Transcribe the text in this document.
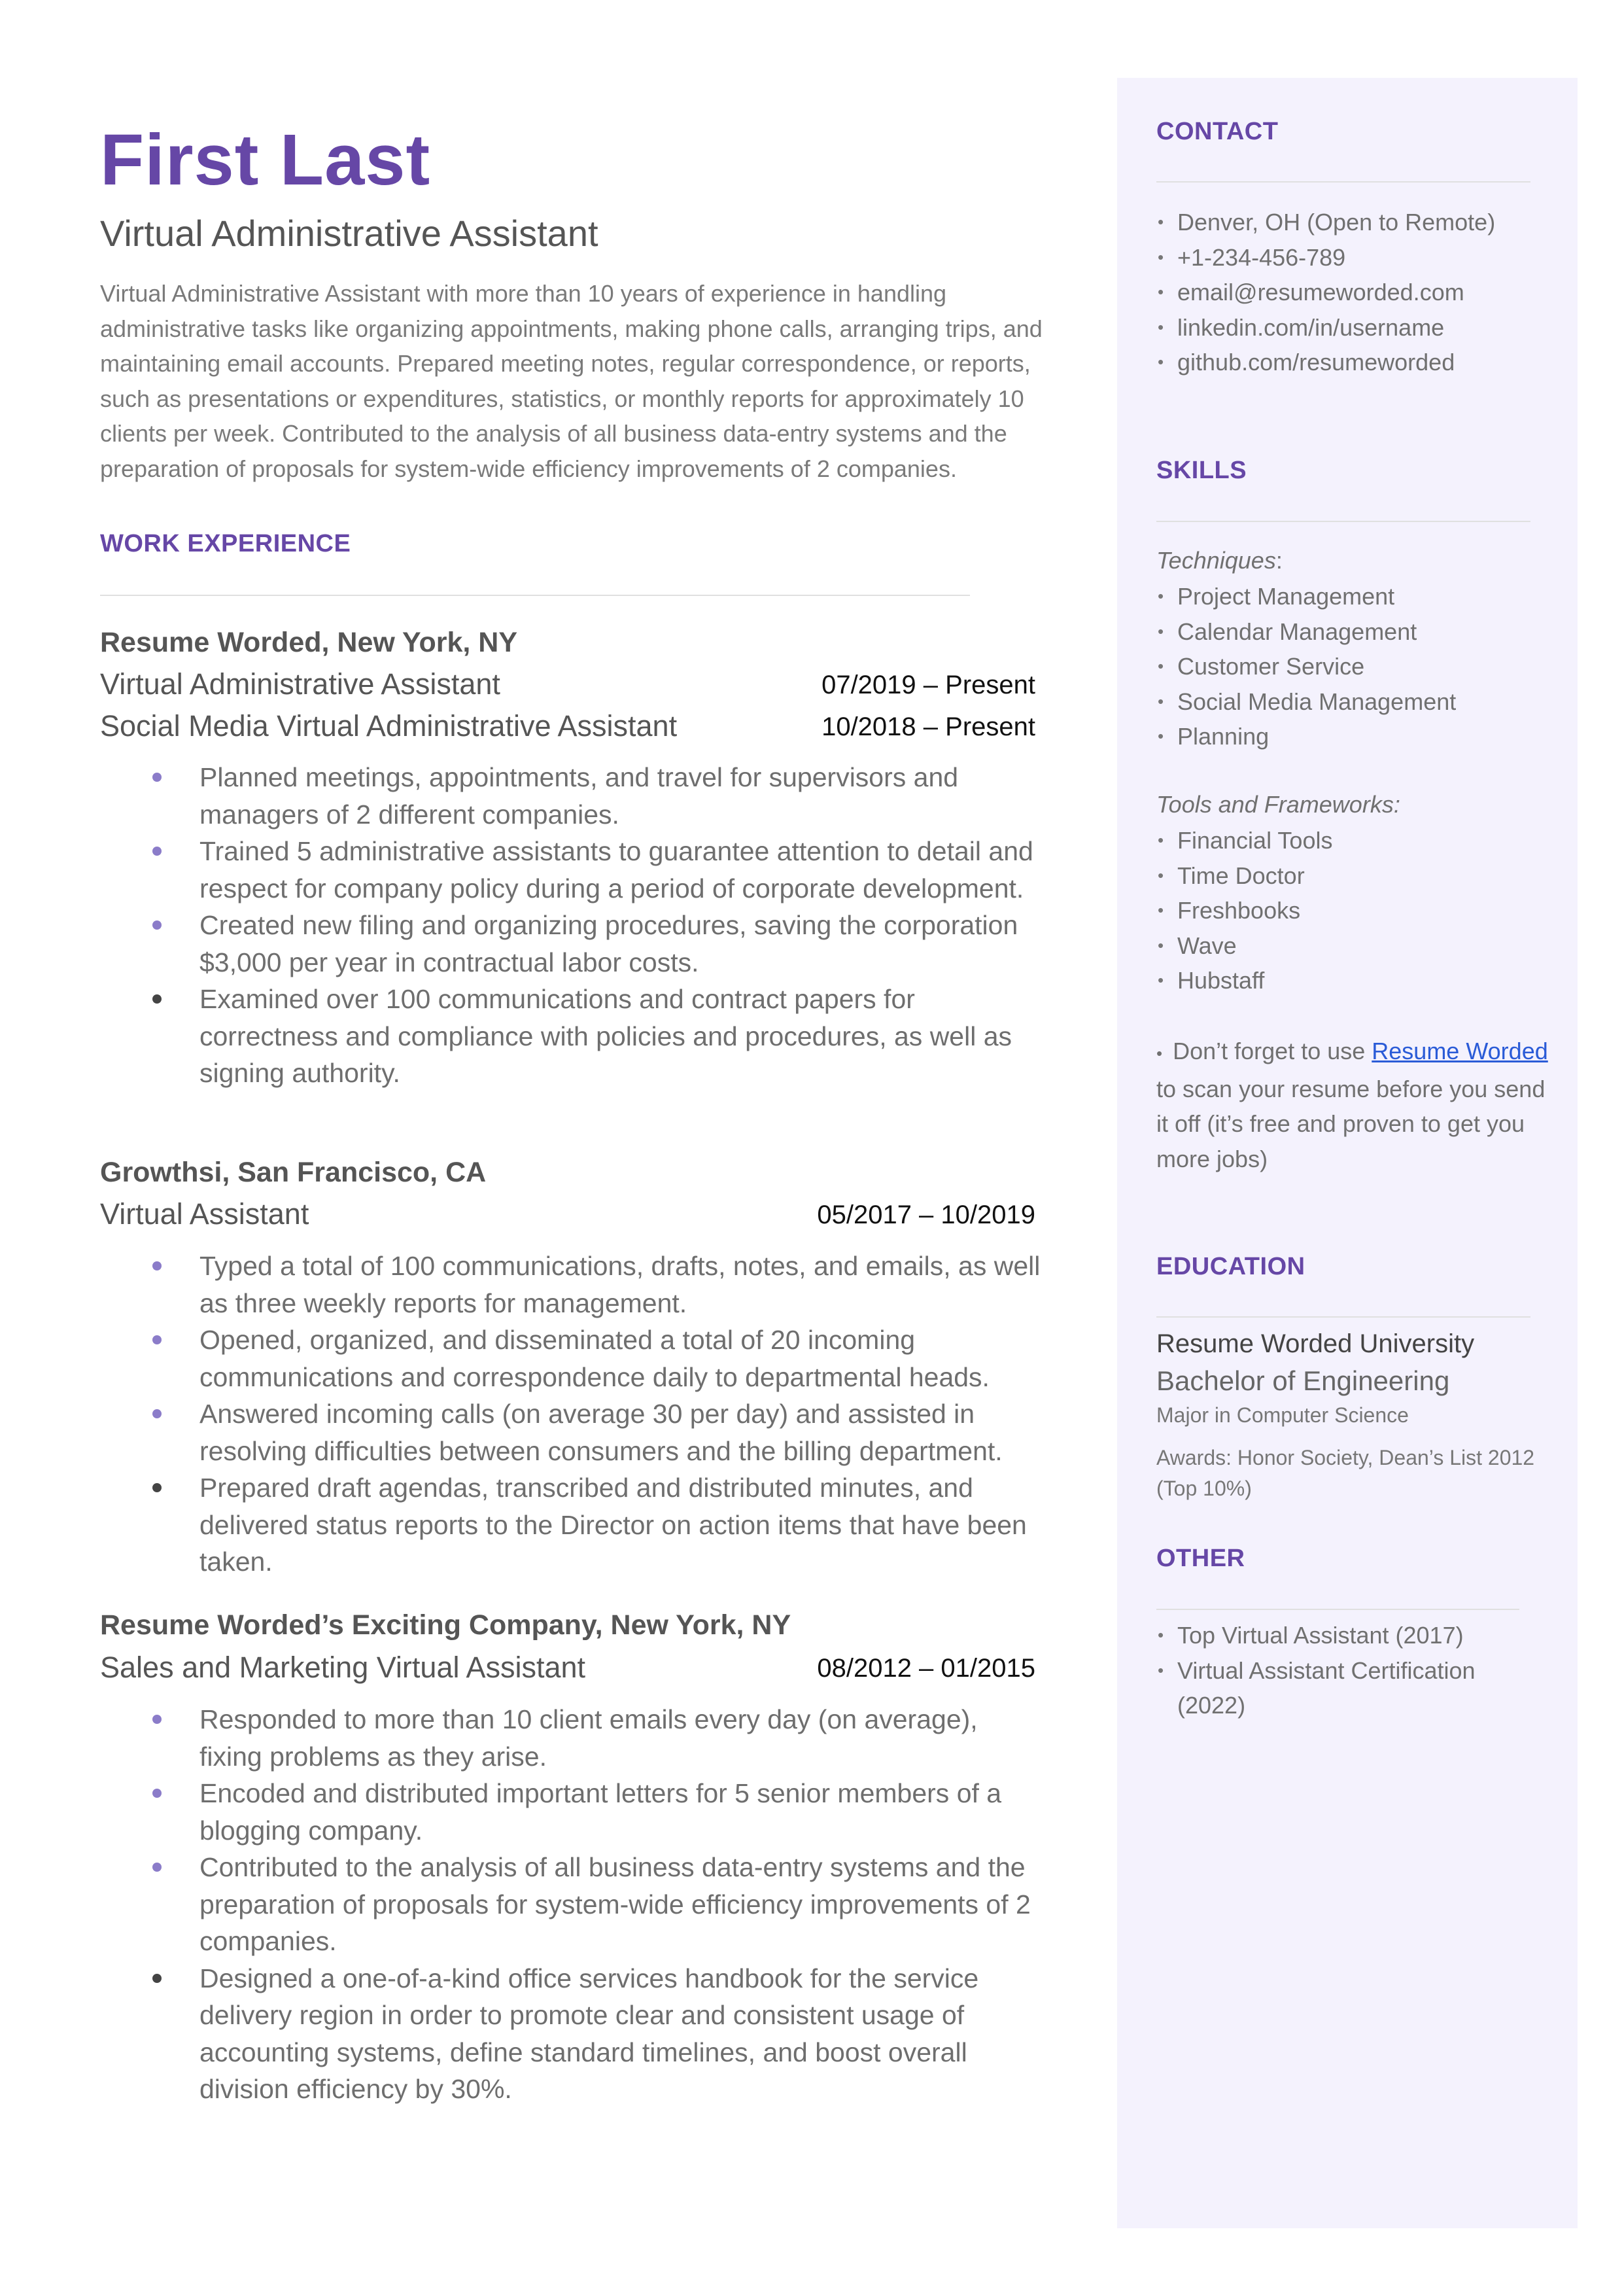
First Last
Virtual Administrative Assistant
Virtual Administrative Assistant with more than 10 years of experience in handling administrative tasks like organizing appointments, making phone calls, arranging trips, and maintaining email accounts. Prepared meeting notes, regular correspondence, or reports, such as presentations or expenditures, statistics, or monthly reports for approximately 10 clients per week. Contributed to the analysis of all business data-entry systems and the preparation of proposals for system-wide efficiency improvements of 2 companies.
WORK EXPERIENCE
Resume Worded, New York, NY
Virtual Administrative Assistant	07/2019 – Present
Social Media Virtual Administrative Assistant	10/2018 – Present
Planned meetings, appointments, and travel for supervisors and managers of 2 different companies.
Trained 5 administrative assistants to guarantee attention to detail and respect for company policy during a period of corporate development.
Created new filing and organizing procedures, saving the corporation $3,000 per year in contractual labor costs.
Examined over 100 communications and contract papers for correctness and compliance with policies and procedures, as well as signing authority.
Growthsi, San Francisco, CA
Virtual Assistant	05/2017 – 10/2019
Typed a total of 100 communications, drafts, notes, and emails, as well as three weekly reports for management.
Opened, organized, and disseminated a total of 20 incoming communications and correspondence daily to departmental heads.
Answered incoming calls (on average 30 per day) and assisted in resolving difficulties between consumers and the billing department.
Prepared draft agendas, transcribed and distributed minutes, and delivered status reports to the Director on action items that have been taken.
Resume Worded’s Exciting Company, New York, NY
Sales and Marketing Virtual Assistant	08/2012 – 01/2015
Responded to more than 10 client emails every day (on average), fixing problems as they arise.
Encoded and distributed important letters for 5 senior members of a blogging company.
Contributed to the analysis of all business data-entry systems and the preparation of proposals for system-wide efficiency improvements of 2 companies.
Designed a one-of-a-kind office services handbook for the service delivery region in order to promote clear and consistent usage of accounting systems, define standard timelines, and boost overall division efficiency by 30%.
CONTACT
• Denver, OH (Open to Remote)
• +1-234-456-789
• email@resumeworded.com
• linkedin.com/in/username
• github.com/resumeworded
SKILLS
Techniques:
• Project Management
• Calendar Management
• Customer Service
• Social Media Management
• Planning
Tools and Frameworks:
• Financial Tools
• Time Doctor
• Freshbooks
• Wave
• Hubstaff
• Don’t forget to use Resume Worded to scan your resume before you send it off (it’s free and proven to get you more jobs)
EDUCATION
Resume Worded University
Bachelor of Engineering
Major in Computer Science
Awards: Honor Society, Dean’s List 2012 (Top 10%)
OTHER
• Top Virtual Assistant (2017)
• Virtual Assistant Certification (2022)
